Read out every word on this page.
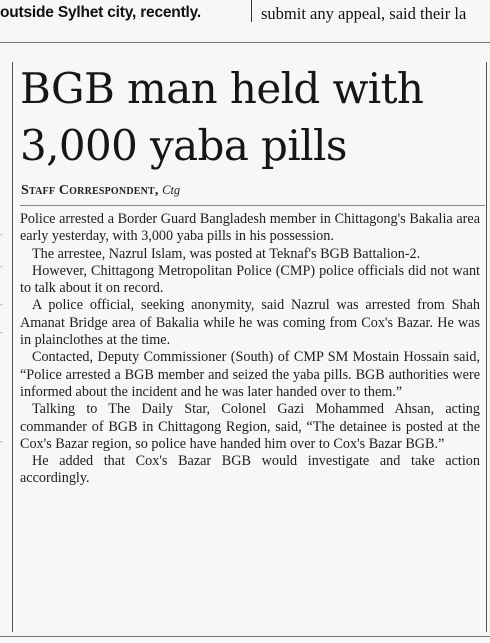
outside Sylhet city, recently.	submit any appeal, said their la
-
-
-
-
-
BGB man held with 3,000 yaba pills
Staff Correspondent, Ctg

Police arrested a Border Guard Bangladesh member in Chittagong's Bakalia area early yesterday, with 3,000 yaba pills in his possession.

The arrestee, Nazrul Islam, was posted at Teknaf's BGB Battalion-2.

However, Chittagong Metropolitan Police (CMP) police officials did not want to talk about it on record.

A police official, seeking anonymity, said Nazrul was arrested from Shah Amanat Bridge area of Bakalia while he was coming from Cox's Bazar. He was in plainclothes at the time.

Contacted, Deputy Commissioner (South) of CMP SM Mostain Hossain said, “Police arrested a BGB member and seized the yaba pills. BGB authorities were informed about the incident and he was later handed over to them.”

Talking to The Daily Star, Colonel Gazi Mohammed Ahsan, acting commander of BGB in Chittagong Region, said, “The detainee is posted at the Cox's Bazar region, so police have handed him over to Cox's Bazar BGB.”

He added that Cox's Bazar BGB would investigate and take action accordingly.
